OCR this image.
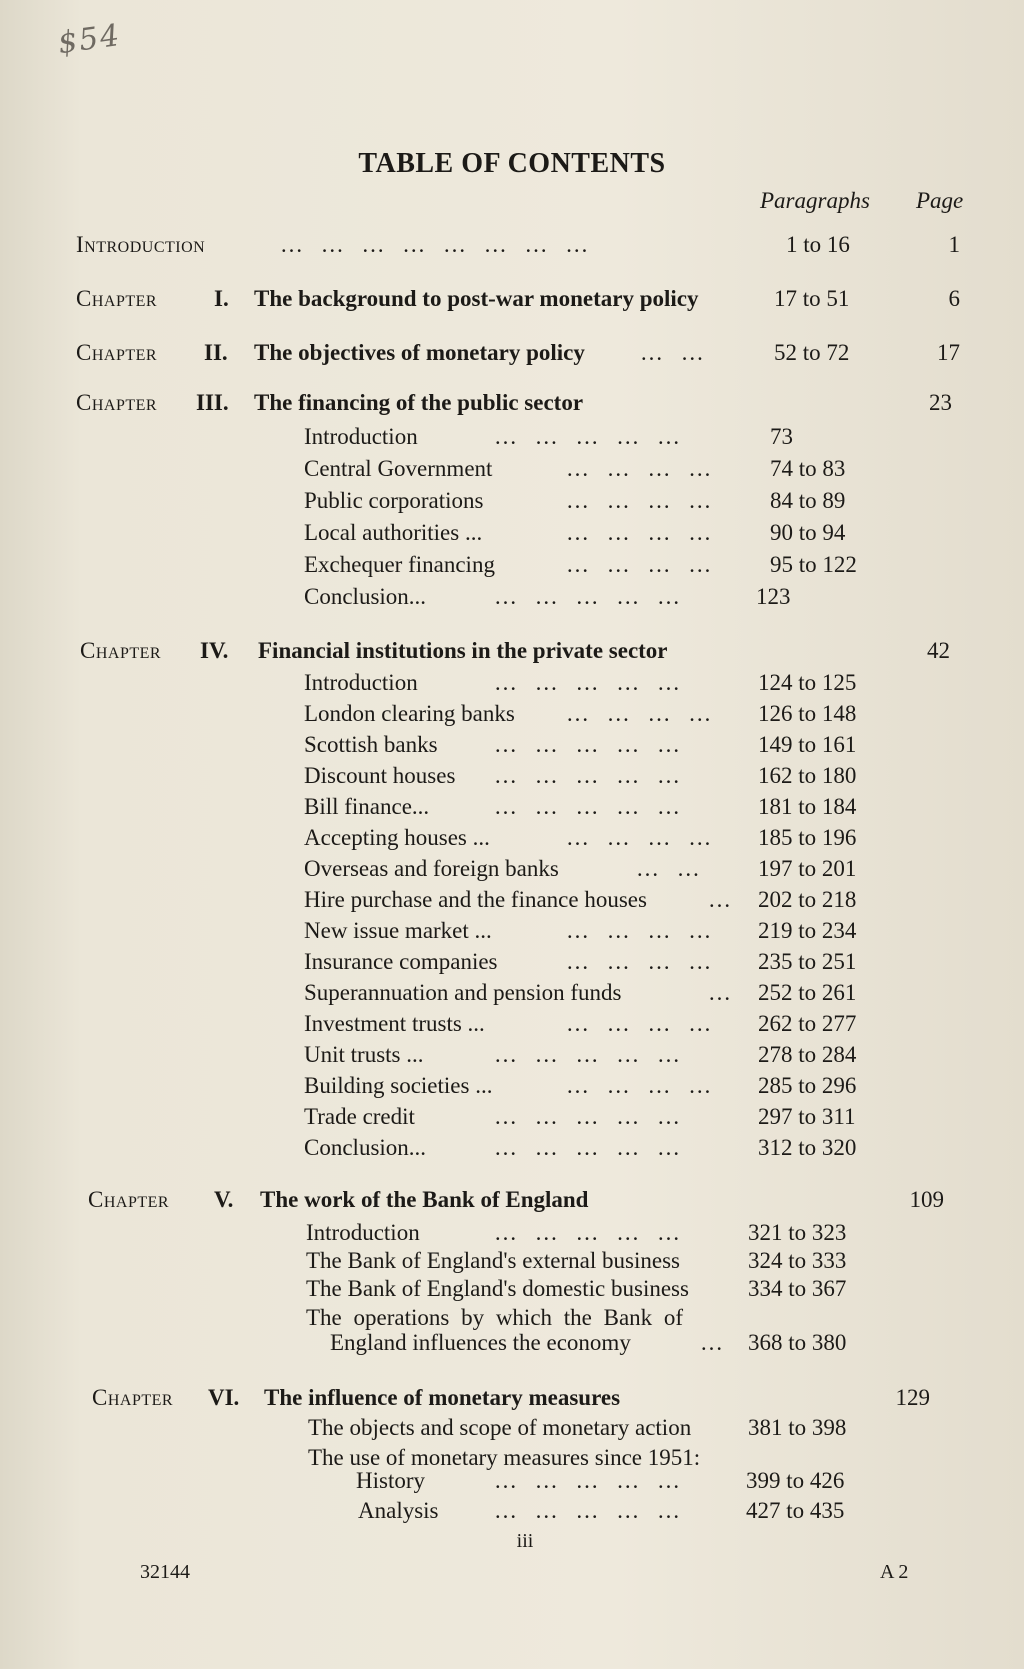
$54
TABLE OF CONTENTS
Paragraphs Page
Introduction	… … … … … … … …	1 to 16	1
Chapter I. The background to post-war monetary policy	17 to 51	6
Chapter II. The objectives of monetary policy … …	52 to 72	17
Chapter III. The financing of the public sector	23
Introduction	… … … … …	73
Central Government	… … … … 74 to 83
Public corporations	… … … … 84 to 89
Local authorities ...	… … … … 90 to 94
Exchequer financing	… … … … 95 to 122
Conclusion...	… … … … …	123
Chapter IV. Financial institutions in the private sector	42
Introduction	… … … … …	124 to 125
London clearing banks … … … … 126 to 148
Scottish banks … … … … …	149 to 161
Discount houses … … … … …	162 to 180
Bill finance...	… … … … …	181 to 184
Accepting houses ...	… … … … 185 to 196
Overseas and foreign banks	… … 197 to 201
Hire purchase and the finance houses	… 202 to 218
New issue market ...	… … … … 219 to 234
Insurance companies	… … … … 235 to 251
Superannuation and pension funds	… 252 to 261
Investment trusts ...	… … … … 262 to 277
Unit trusts ...	… … … … …	278 to 284
Building societies ...	… … … … 285 to 296
Trade credit	… … … … …	297 to 311
Conclusion...	… … … … …	312 to 320
Chapter V. The work of the Bank of England	109
Introduction	… … … … …	321 to 323
The Bank of England's external business	324 to 333
The Bank of England's domestic business	334 to 367
The operations by which the Bank of
England influences the economy	… 368 to 380
Chapter VI. The influence of monetary measures	129
The objects and scope of monetary action 381 to 398
The use of monetary measures since 1951:
History	… … … … …	399 to 426
Analysis … … … … …	427 to 435
iii
32144	A 2
